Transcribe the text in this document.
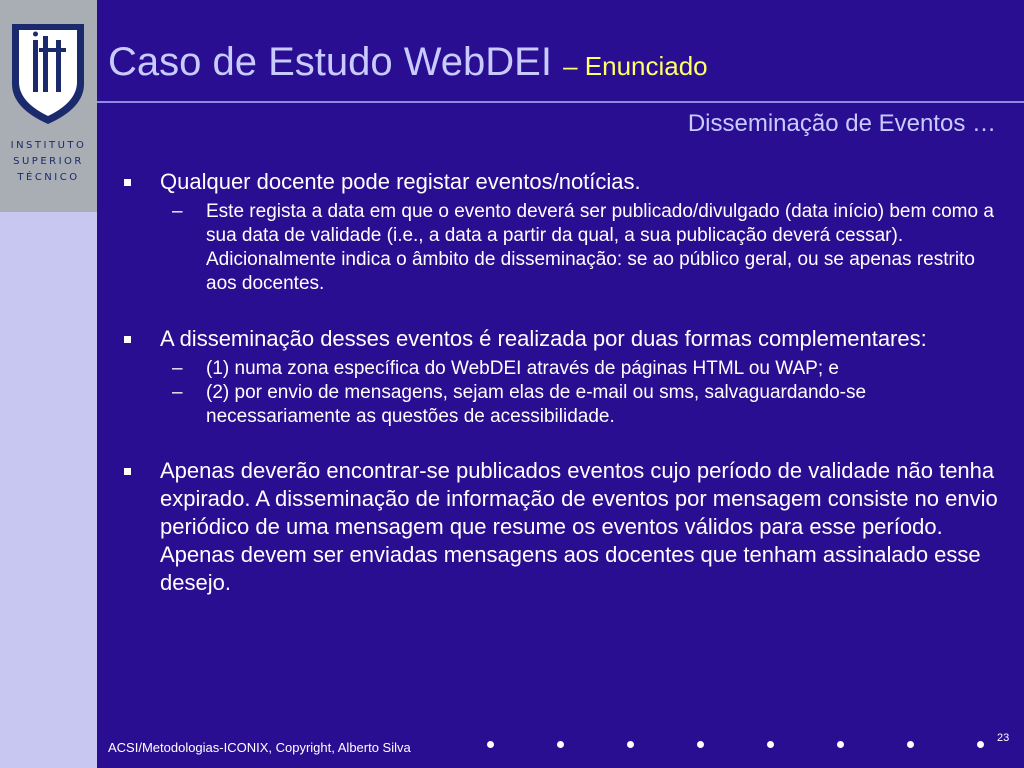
INSTITUTO
SUPERIOR
TÉCNICO
Caso de Estudo WebDEI – Enunciado
Disseminação de Eventos …
Qualquer docente pode registar eventos/notícias.
– Este regista a data em que o evento deverá ser publicado/divulgado (data início) bem como a sua data de validade (i.e., a data a partir da qual, a sua publicação deverá cessar). Adicionalmente indica o âmbito de disseminação: se ao público geral, ou se apenas restrito aos docentes.
A disseminação desses eventos é realizada por duas formas complementares:
– (1) numa zona específica do WebDEI através de páginas HTML ou WAP; e
– (2) por envio de mensagens, sejam elas de e-mail ou sms, salvaguardando-se necessariamente as questões de acessibilidade.
Apenas deverão encontrar-se publicados eventos cujo período de validade não tenha expirado. A disseminação de informação de eventos por mensagem consiste no envio periódico de uma mensagem que resume os eventos válidos para esse período. Apenas devem ser enviadas mensagens aos docentes que tenham assinalado esse desejo.
ACSI/Metodologias-ICONIX, Copyright, Alberto Silva
23
